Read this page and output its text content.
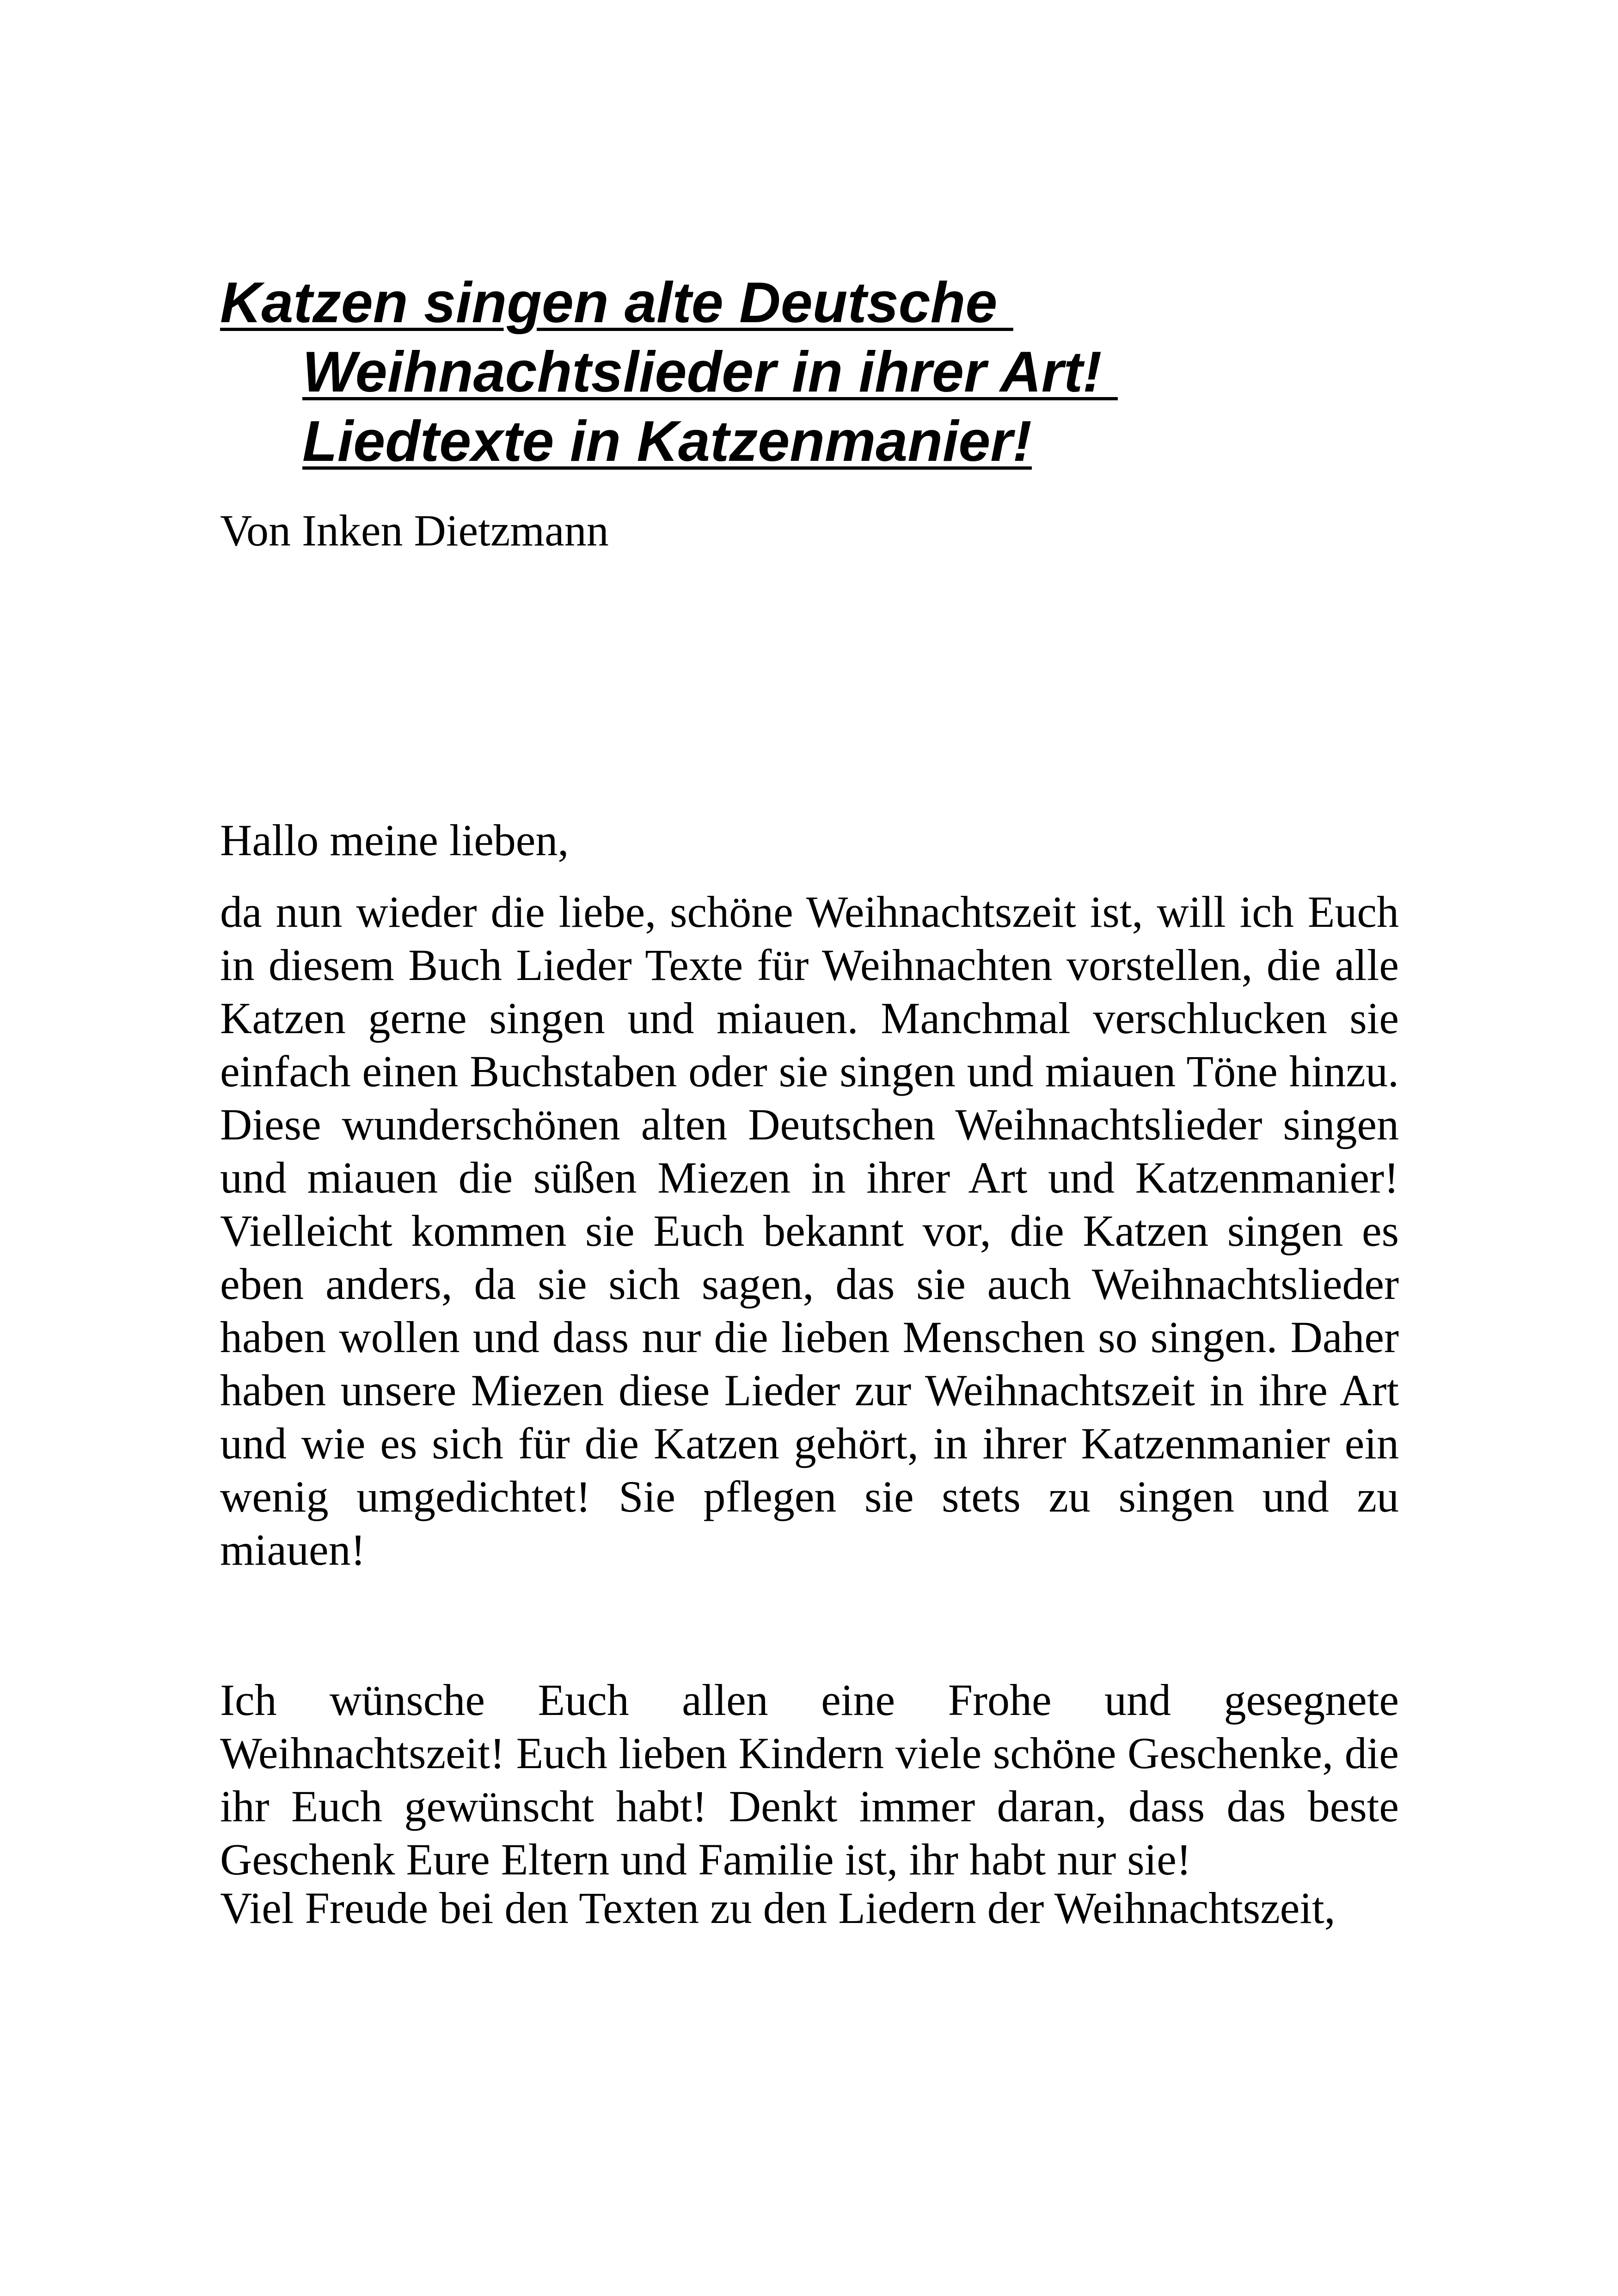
Katzen singen alte Deutsche
Weihnachtslieder in ihrer Art!
Liedtexte in Katzenmanier!

Von Inken Dietzmann

Hallo meine lieben,

da nun wieder die liebe, schöne Weihnachtszeit ist, will ich Euch in diesem Buch Lieder Texte für Weihnachten vorstellen, die alle Katzen gerne singen und miauen. Manchmal verschlucken sie einfach einen Buchstaben oder sie singen und miauen Töne hinzu. Diese wunderschönen alten Deutschen Weihnachtslieder singen und miauen die süßen Miezen in ihrer Art und Katzenmanier! Vielleicht kommen sie Euch bekannt vor, die Katzen singen es eben anders, da sie sich sagen, das sie auch Weihnachtslieder haben wollen und dass nur die lieben Menschen so singen. Daher haben unsere Miezen diese Lieder zur Weihnachtszeit in ihre Art und wie es sich für die Katzen gehört, in ihrer Katzenmanier ein wenig umgedichtet! Sie pflegen sie stets zu singen und zu miauen!

Ich wünsche Euch allen eine Frohe und gesegnete Weihnachtszeit! Euch lieben Kindern viele schöne Geschenke, die ihr Euch gewünscht habt! Denkt immer daran, dass das beste Geschenk Eure Eltern und Familie ist, ihr habt nur sie!

Viel Freude bei den Texten zu den Liedern der Weihnachtszeit,
